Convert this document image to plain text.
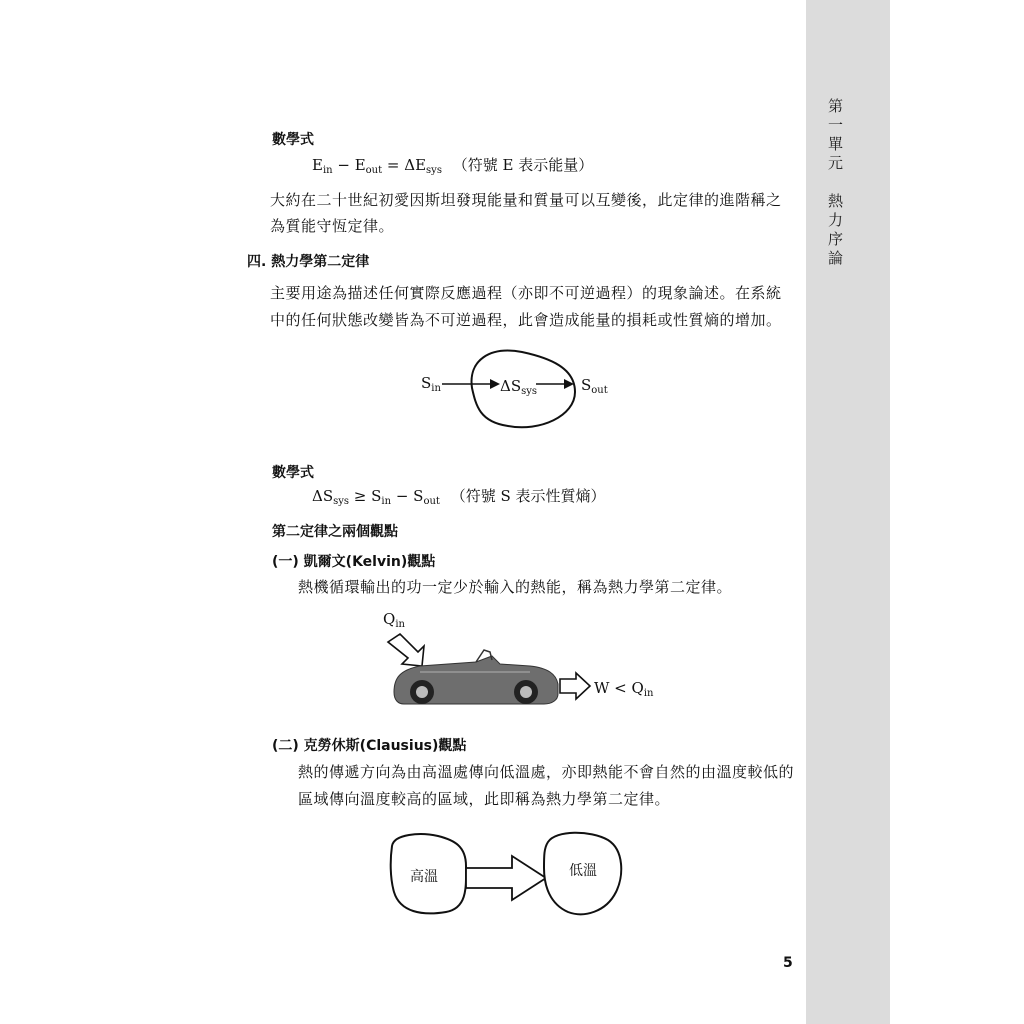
第一單元　熱力序論
數學式
$E_{in} - E_{out} = \Delta E_{sys}$ （符號 E 表示能量）
大約在二十世紀初愛因斯坦發現能量和質量可以互變後，此定律的進階稱之
為質能守恆定律。
四. 熱力學第二定律
主要用途為描述任何實際反應過程（亦即不可逆過程）的現象論述。在系統
中的任何狀態改變皆為不可逆過程，此會造成能量的損耗或性質熵的增加。
$S_{in}$	$\Delta S_{sys}$	$S_{out}$
數學式
$\Delta S_{sys} \ge S_{in} - S_{out}$ （符號 S 表示性質熵）
第二定律之兩個觀點
(一) 凱爾文(Kelvin)觀點
熱機循環輸出的功一定少於輸入的熱能，稱為熱力學第二定律。
$Q_{in}$
$W < Q_{in}$
(二) 克勞休斯(Clausius)觀點
熱的傳遞方向為由高溫處傳向低溫處，亦即熱能不會自然的由溫度較低的
區域傳向溫度較高的區域，此即稱為熱力學第二定律。
高溫	低溫
5
